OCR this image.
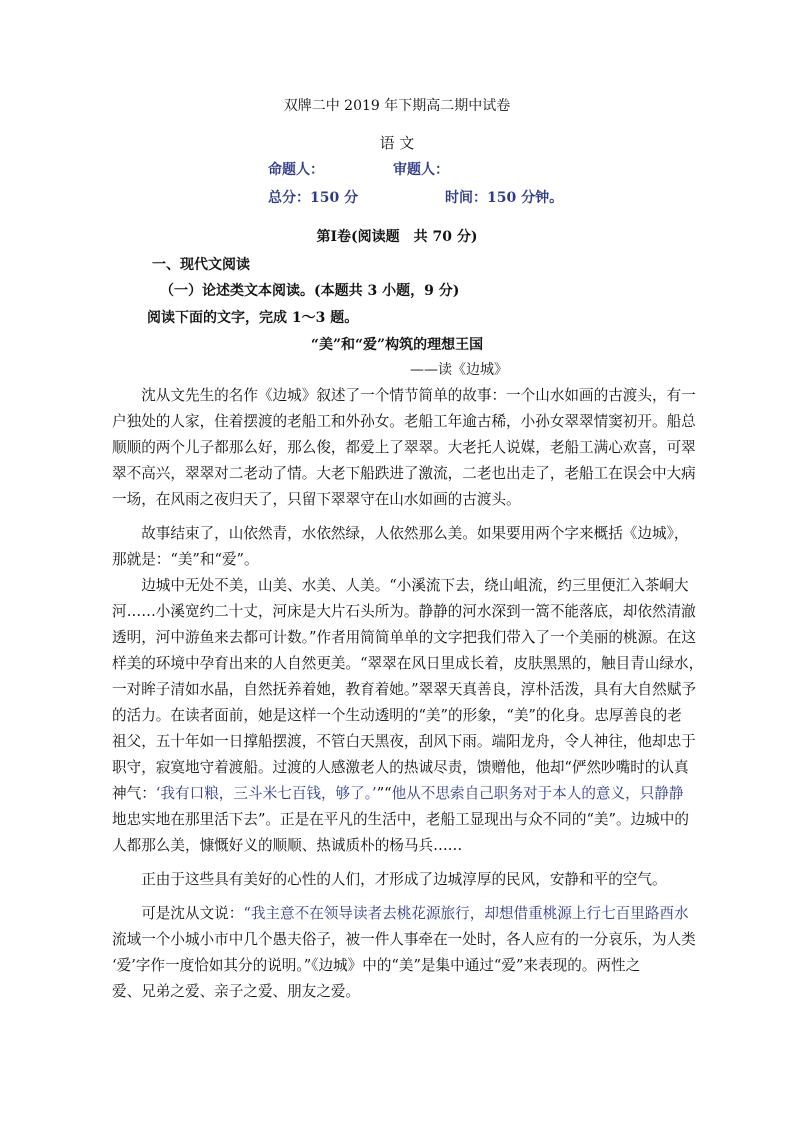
双牌二中 2019 年下期高二期中试卷
语 文
命题人：	审题人：
总分：150 分	时间：150 分钟。
第Ⅰ卷(阅读题　共 70 分)
一、现代文阅读
（一）论述类文本阅读。(本题共 3 小题，9 分)
阅读下面的文字，完成 1～3 题。
“美”和“爱”构筑的理想王国
——读《边城》
沈从文先生的名作《边城》叙述了一个情节简单的故事：一个山水如画的古渡头，有一
户独处的人家，住着摆渡的老船工和外孙女。老船工年逾古稀，小孙女翠翠情窦初开。船总
顺顺的两个儿子都那么好，那么俊，都爱上了翠翠。大老托人说媒，老船工满心欢喜，可翠
翠不高兴，翠翠对二老动了情。大老下船跌进了激流，二老也出走了，老船工在误会中大病
一场，在风雨之夜归天了，只留下翠翠守在山水如画的古渡头。
故事结束了，山依然青，水依然绿，人依然那么美。如果要用两个字来概括《边城》，
那就是：“美”和“爱”。
边城中无处不美，山美、水美、人美。“小溪流下去，绕山岨流，约三里便汇入茶峒大
河……小溪宽约二十丈，河床是大片石头所为。静静的河水深到一篙不能落底，却依然清澈
透明，河中游鱼来去都可计数。”作者用简简单单的文字把我们带入了一个美丽的桃源。在这
样美的环境中孕育出来的人自然更美。“翠翠在风日里成长着，皮肤黑黑的，触目青山绿水，
一对眸子清如水晶，自然抚养着她，教育着她。”翠翠天真善良，淳朴活泼，具有大自然赋予
的活力。在读者面前，她是这样一个生动透明的“美”的形象，“美”的化身。忠厚善良的老
祖父，五十年如一日撑船摆渡，不管白天黑夜，刮风下雨。端阳龙舟，令人神往，他却忠于
职守，寂寞地守着渡船。过渡的人感激老人的热诚尽责，馈赠他，他却“俨然吵嘴时的认真
神气：‘我有口粮，三斗米七百钱，够了。’”“他从不思索自己职务对于本人的意义，只静静
地忠实地在那里活下去”。正是在平凡的生活中，老船工显现出与众不同的“美”。边城中的
人都那么美，慷慨好义的顺顺、热诚质朴的杨马兵……
正由于这些具有美好的心性的人们，才形成了边城淳厚的民风，安静和平的空气。
可是沈从文说：“我主意不在领导读者去桃花源旅行，却想借重桃源上行七百里路酉水
流域一个小城小市中几个愚夫俗子，被一件人事牵在一处时，各人应有的一分哀乐，为人类
‘爱’字作一度恰如其分的说明。”《边城》中的“美”是集中通过“爱”来表现的。两性之
爱、兄弟之爱、亲子之爱、朋友之爱。
